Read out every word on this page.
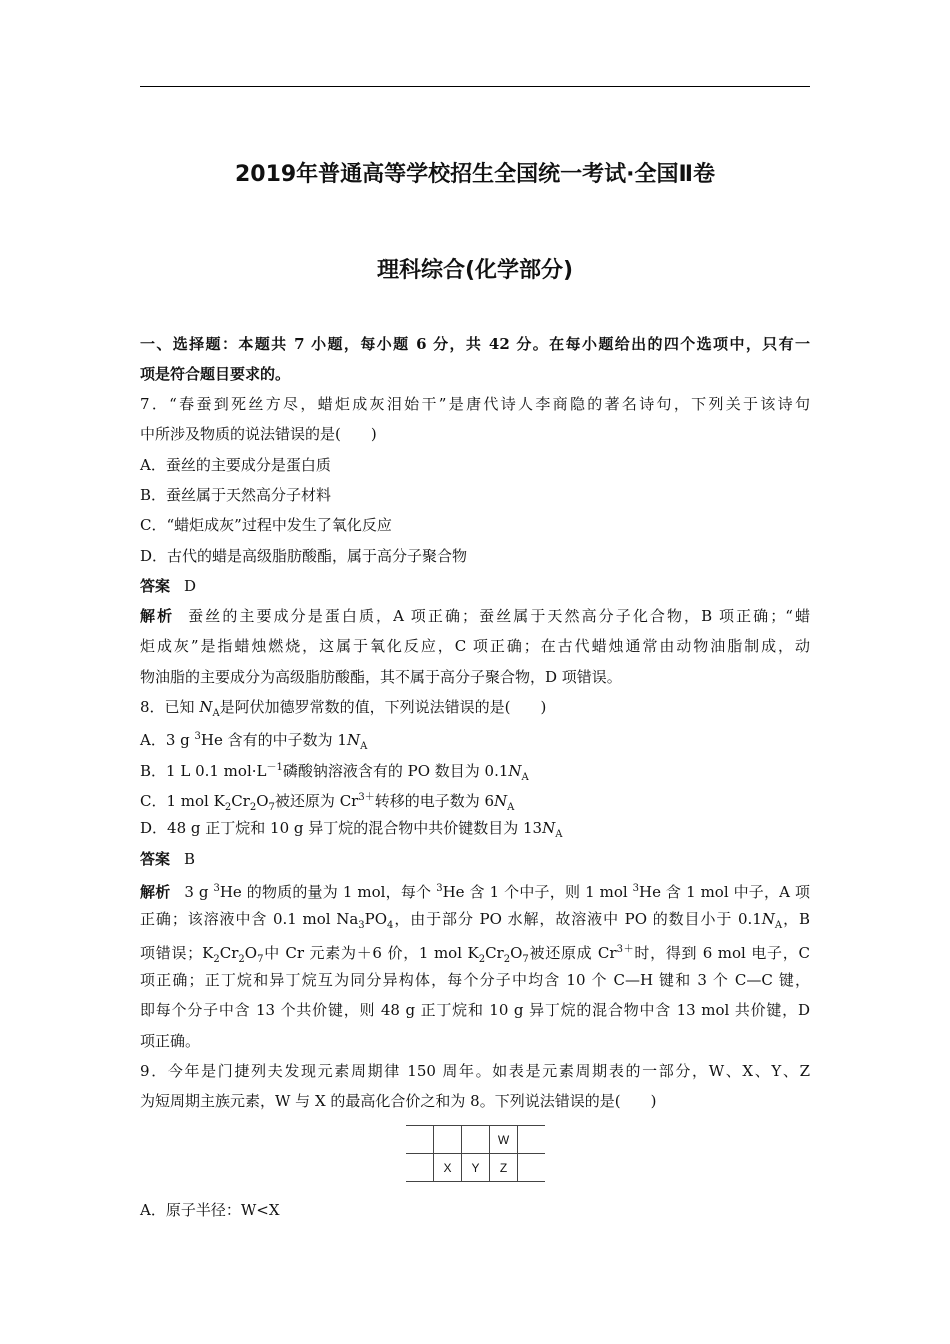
2019年普通高等学校招生全国统一考试·全国Ⅱ卷
理科综合(化学部分)
一、选择题：本题共 7 小题，每小题 6 分，共 42 分。在每小题给出的四个选项中，只有一
项是符合题目要求的。
7．“春蚕到死丝方尽，蜡炬成灰泪始干”是唐代诗人李商隐的著名诗句，下列关于该诗句
中所涉及物质的说法错误的是(　　)
A．蚕丝的主要成分是蛋白质
B．蚕丝属于天然高分子材料
C．“蜡炬成灰”过程中发生了氧化反应
D．古代的蜡是高级脂肪酸酯，属于高分子聚合物
答案 D
解析 蚕丝的主要成分是蛋白质，A 项正确；蚕丝属于天然高分子化合物，B 项正确；“蜡
炬成灰”是指蜡烛燃烧，这属于氧化反应，C 项正确；在古代蜡烛通常由动物油脂制成，动
物油脂的主要成分为高级脂肪酸酯，其不属于高分子聚合物，D 项错误。
8．已知 $N_A$是阿伏加德罗常数的值，下列说法错误的是(　　)
A．3 g $^3$He 含有的中子数为 $1N_A$
B．1 L 0.1 $mol\cdot L^{-1}$磷酸钠溶液含有的 PO 数目为 $0.1N_A$
C．1 mol $K_2Cr_2O_7$被还原为 $Cr^{3+}$转移的电子数为 $6N_A$
D．48 g 正丁烷和 10 g 异丁烷的混合物中共价键数目为 $13N_A$
答案 B
解析 3 g $^3$He 的物质的量为 1 mol，每个 $^3$He 含 1 个中子，则 1 mol $^3$He 含 1 mol 中子，A 项
正确；该溶液中含 0.1 mol $Na_3PO_4$，由于部分 PO 水解，故溶液中 PO 的数目小于 $0.1N_A$，B
项错误；$K_2Cr_2O_7$中 Cr 元素为＋6 价，1 mol $K_2Cr_2O_7$被还原成 $Cr^{3+}$时，得到 6 mol 电子，C
项正确；正丁烷和异丁烷互为同分异构体，每个分子中均含 10 个 C—H 键和 3 个 C—C 键，
即每个分子中含 13 个共价键，则 48 g 正丁烷和 10 g 异丁烷的混合物中含 13 mol 共价键，D
项正确。
9．今年是门捷列夫发现元素周期律 150 周年。如表是元素周期表的一部分，W、X、Y、Z
为短周期主族元素，W 与 X 的最高化合价之和为 8。下列说法错误的是(　　)
			W	
	X	Y	Z	
A．原子半径：W<X
